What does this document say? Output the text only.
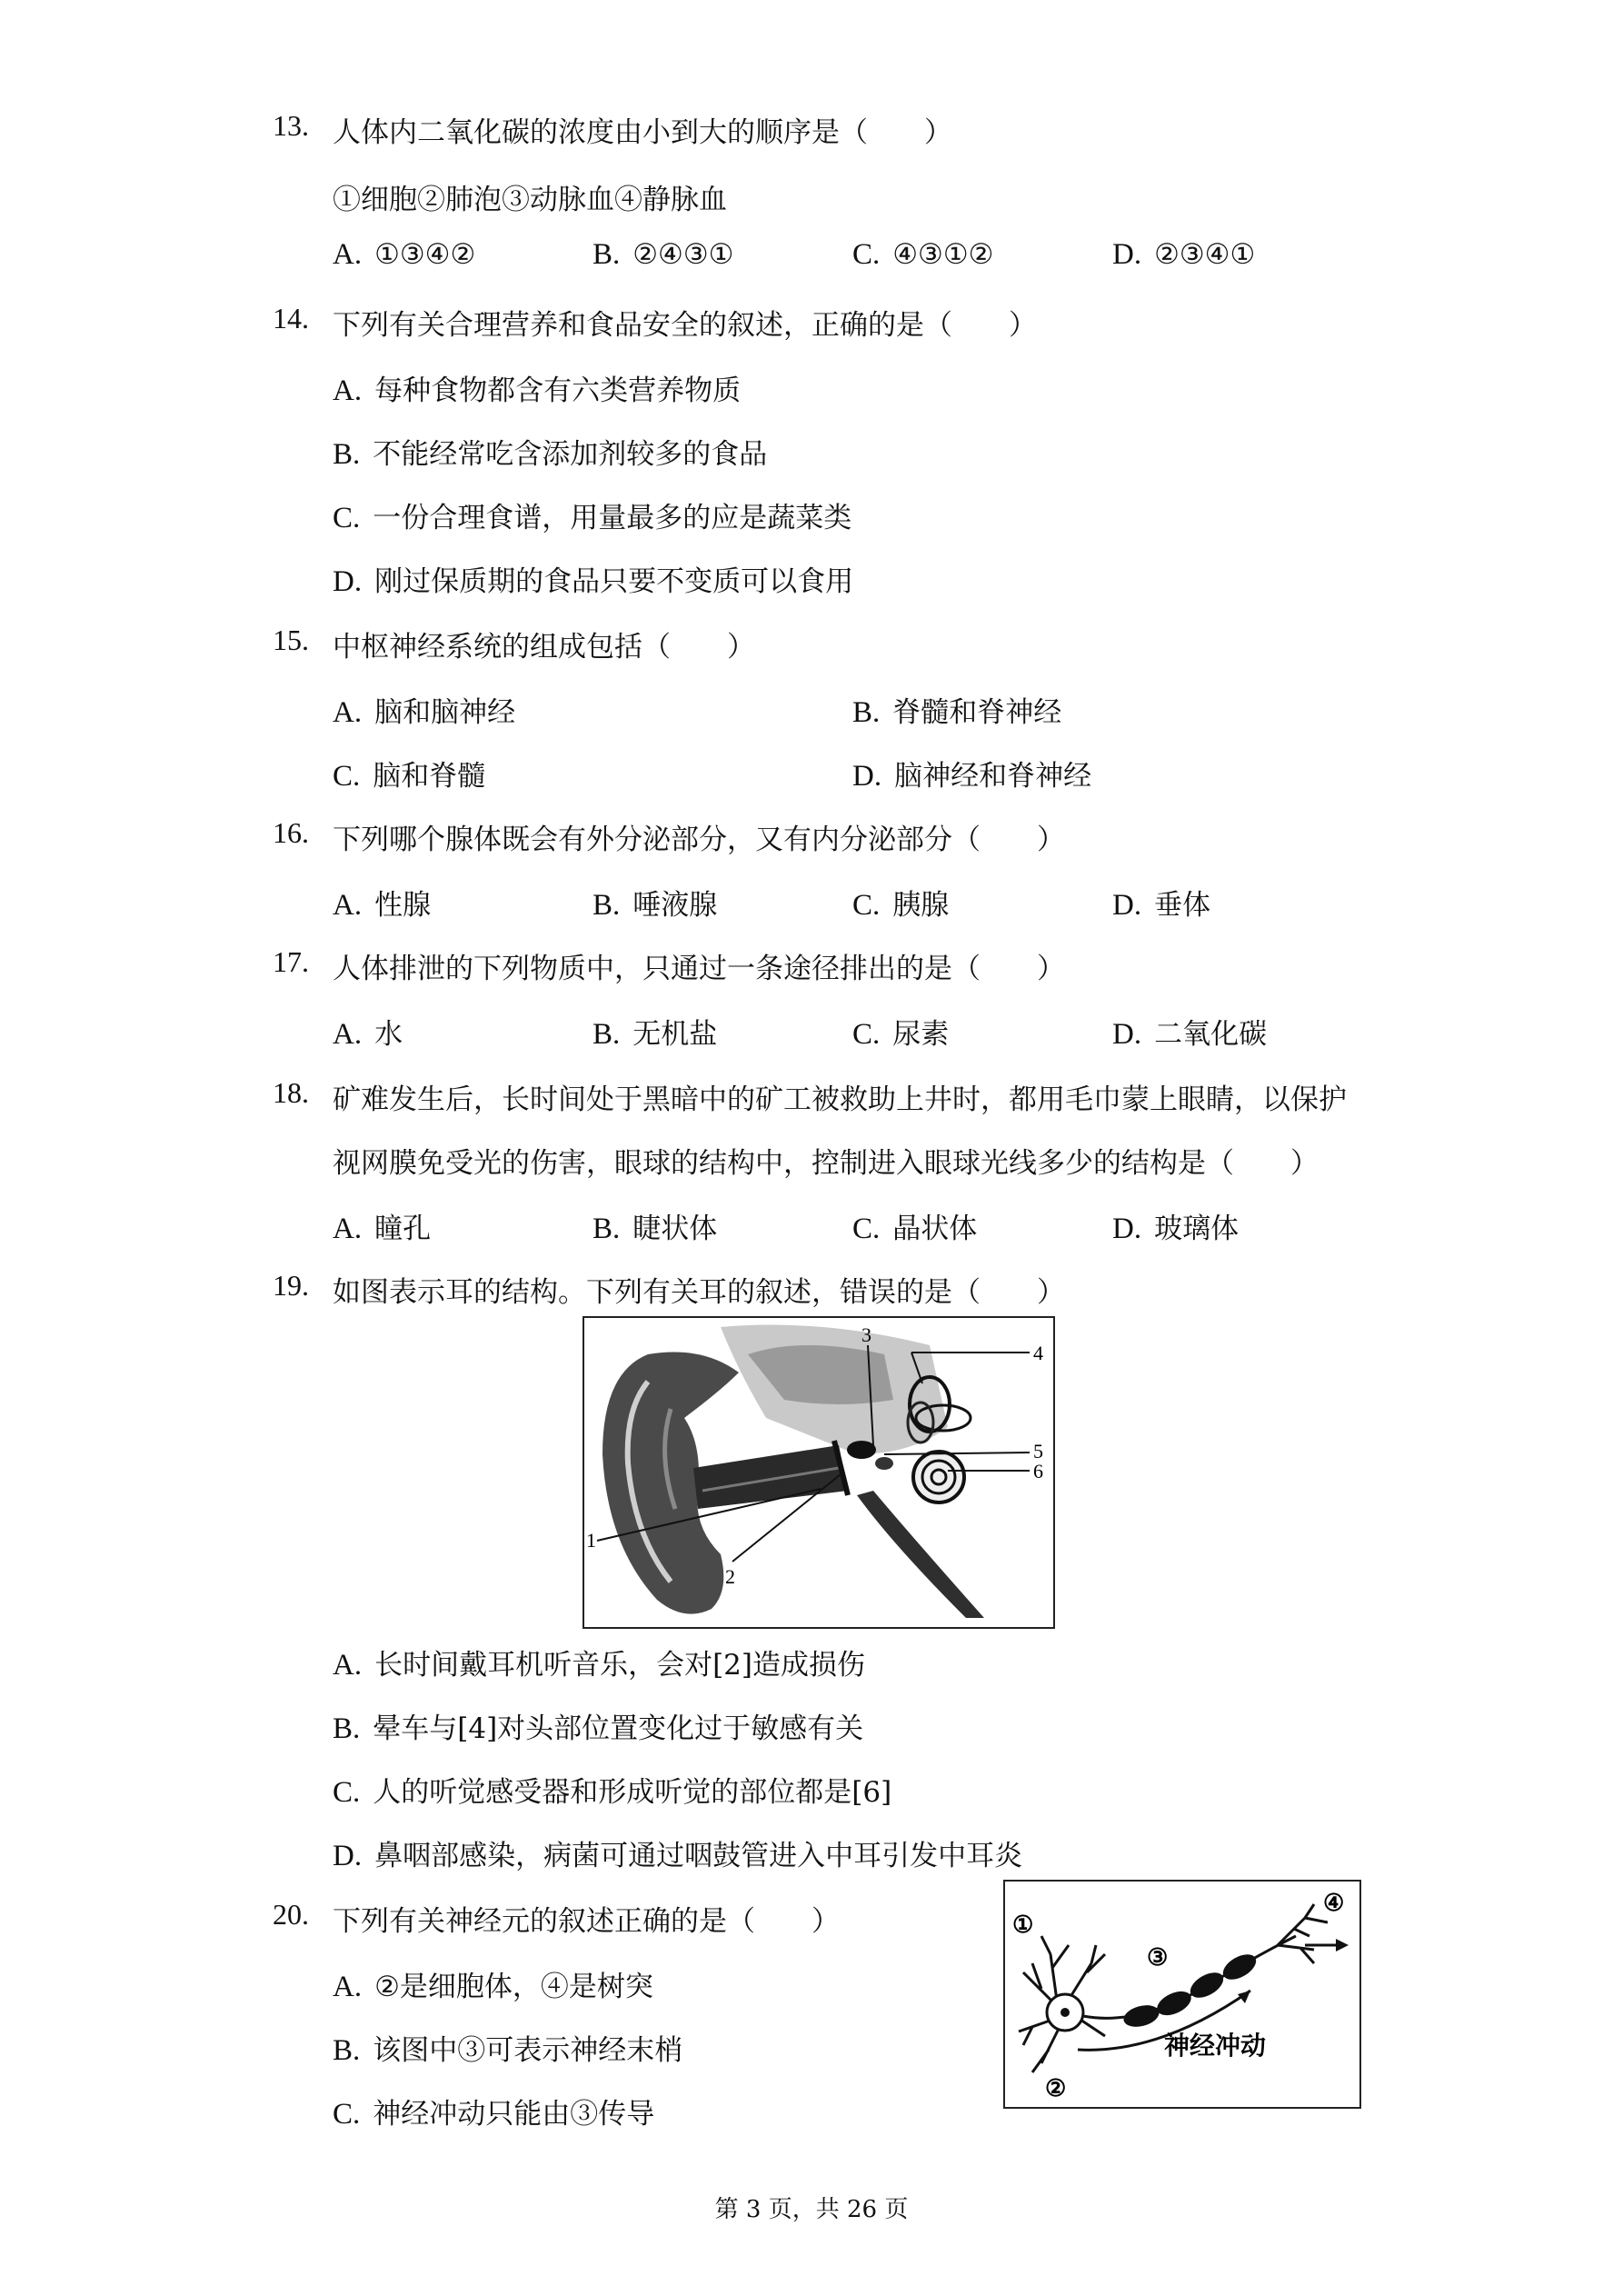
13. 人体内二氧化碳的浓度由小到大的顺序是（　　）
①细胞②肺泡③动脉血④静脉血
A. ①③④②	B. ②④③①	C. ④③①②	D. ②③④①
14. 下列有关合理营养和食品安全的叙述，正确的是（　　）
A. 每种食物都含有六类营养物质
B. 不能经常吃含添加剂较多的食品
C. 一份合理食谱，用量最多的应是蔬菜类
D. 刚过保质期的食品只要不变质可以食用
15. 中枢神经系统的组成包括（　　）
A. 脑和脑神经	B. 脊髓和脊神经
C. 脑和脊髓	D. 脑神经和脊神经
16. 下列哪个腺体既会有外分泌部分，又有内分泌部分（　　）
A. 性腺	B. 唾液腺	C. 胰腺	D. 垂体
17. 人体排泄的下列物质中，只通过一条途径排出的是（　　）
A. 水	B. 无机盐	C. 尿素	D. 二氧化碳
18. 矿难发生后，长时间处于黑暗中的矿工被救助上井时，都用毛巾蒙上眼睛，以保护
视网膜免受光的伤害，眼球的结构中，控制进入眼球光线多少的结构是（　　）
A. 瞳孔	B. 睫状体	C. 晶状体	D. 玻璃体
19. 如图表示耳的结构。下列有关耳的叙述，错误的是（　　）
3
4
5
6
1
2
A. 长时间戴耳机听音乐，会对[2]造成损伤
B. 晕车与[4]对头部位置变化过于敏感有关
C. 人的听觉感受器和形成听觉的部位都是[6]
D. 鼻咽部感染，病菌可通过咽鼓管进入中耳引发中耳炎
20. 下列有关神经元的叙述正确的是（　　）	①
②
③
④
神经冲动
A. ②是细胞体，④是树突
B. 该图中③可表示神经末梢
C. 神经冲动只能由③传导
第 3 页，共 26 页
